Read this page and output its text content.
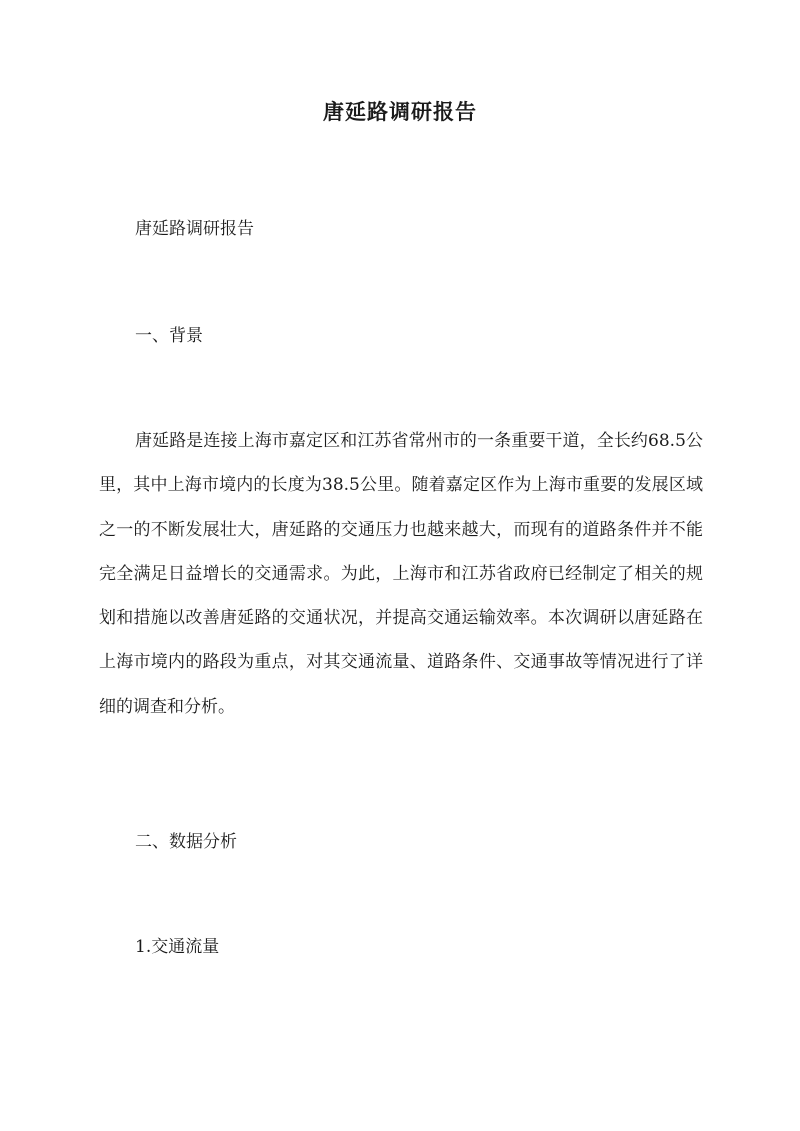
唐延路调研报告
唐延路调研报告
一、背景
唐延路是连接上海市嘉定区和江苏省常州市的一条重要干道，全长约68.5公里，其中上海市境内的长度为38.5公里。随着嘉定区作为上海市重要的发展区域之一的不断发展壮大，唐延路的交通压力也越来越大，而现有的道路条件并不能完全满足日益增长的交通需求。为此，上海市和江苏省政府已经制定了相关的规划和措施以改善唐延路的交通状况，并提高交通运输效率。本次调研以唐延路在上海市境内的路段为重点，对其交通流量、道路条件、交通事故等情况进行了详细的调查和分析。
二、数据分析
1.交通流量
